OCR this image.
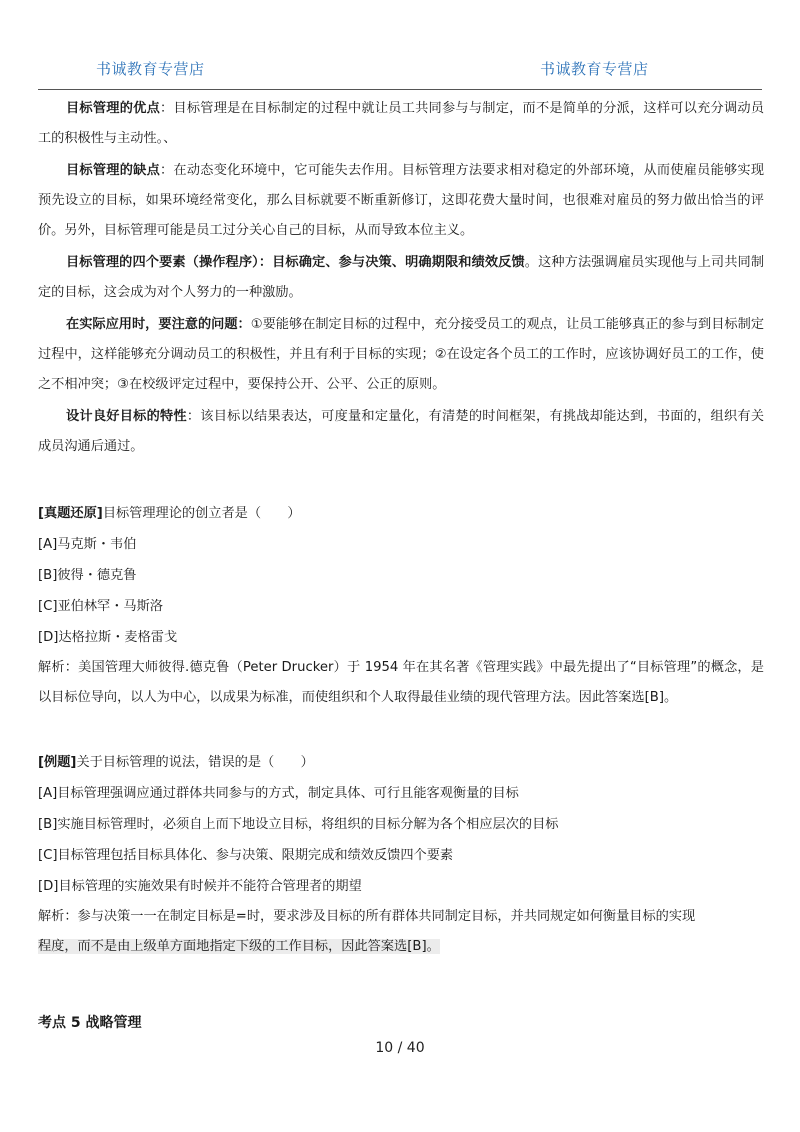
书诚教育专营店	书诚教育专营店

目标管理的优点：目标管理是在目标制定的过程中就让员工共同参与与制定，而不是简单的分派，这样可以充分调动员工的积极性与主动性。、

目标管理的缺点：在动态变化环境中，它可能失去作用。目标管理方法要求相对稳定的外部环境，从而使雇员能够实现预先设立的目标，如果环境经常变化，那么目标就要不断重新修订，这即花费大量时间，也很难对雇员的努力做出恰当的评价。另外，目标管理可能是员工过分关心自己的目标，从而导致本位主义。

目标管理的四个要素（操作程序）：目标确定、参与决策、明确期限和绩效反馈。这种方法强调雇员实现他与上司共同制定的目标，这会成为对个人努力的一种激励。

在实际应用时，要注意的问题：①要能够在制定目标的过程中，充分接受员工的观点，让员工能够真正的参与到目标制定过程中，这样能够充分调动员工的积极性，并且有利于目标的实现；②在设定各个员工的工作时，应该协调好员工的工作，使之不相冲突；③在校级评定过程中，要保持公开、公平、公正的原则。

设计良好目标的特性：该目标以结果表达，可度量和定量化，有清楚的时间框架，有挑战却能达到，书面的，组织有关成员沟通后通过。

[真题还原]目标管理理论的创立者是（　　）

[A]马克斯・韦伯

[B]彼得・德克鲁

[C]亚伯林罕・马斯洛

[D]达格拉斯・麦格雷戈

解析：美国管理大师彼得.德克鲁（Peter Drucker）于 1954 年在其名著《管理实践》中最先提出了“目标管理”的概念，是以目标位导向，以人为中心，以成果为标准，而使组织和个人取得最佳业绩的现代管理方法。因此答案选[B]。

[例题]关于目标管理的说法，错误的是（　　）

[A]目标管理强调应通过群体共同参与的方式，制定具体、可行且能客观衡量的目标

[B]实施目标管理时，必须自上而下地设立目标，将组织的目标分解为各个相应层次的目标

[C]目标管理包括目标具体化、参与决策、限期完成和绩效反馈四个要素

[D]目标管理的实施效果有时候并不能符合管理者的期望

解析：参与决策一一在制定目标是=时，要求涉及目标的所有群体共同制定目标，并共同规定如何衡量目标的实现

程度，而不是由上级单方面地指定下级的工作目标，因此答案选[B]。

考点 5 战略管理
10 / 40
